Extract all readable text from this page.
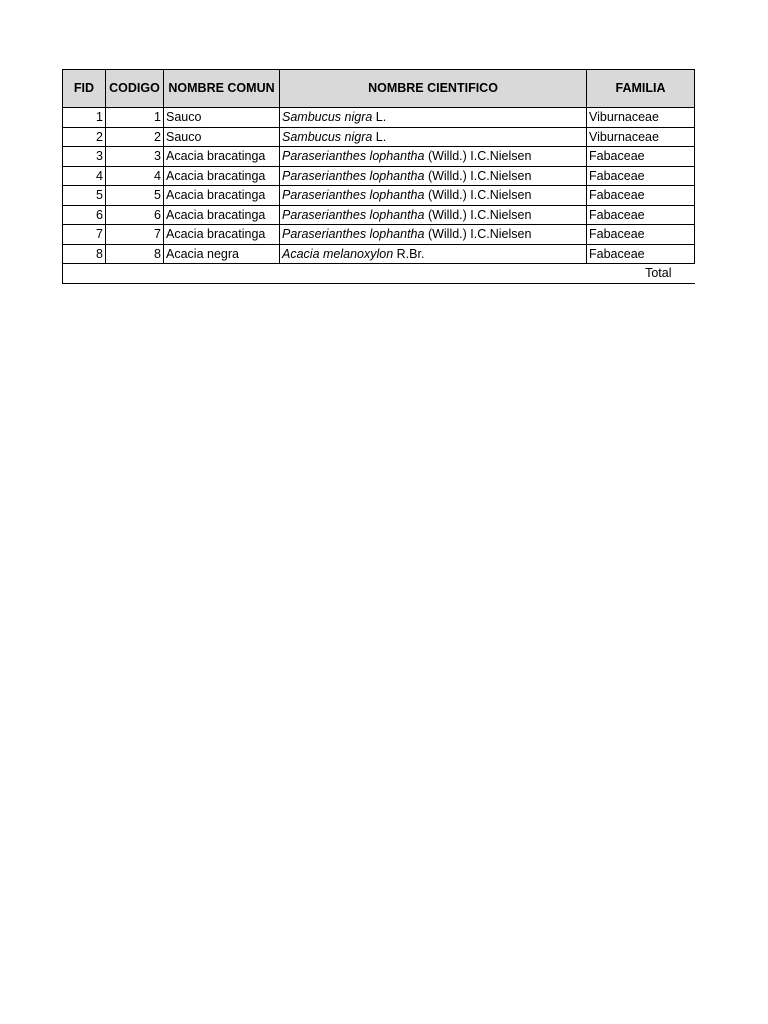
FID	CODIGO	NOMBRE COMUN	NOMBRE CIENTIFICO	FAMILIA
1	1	Sauco	Sambucus nigra L.	Viburnaceae
2	2	Sauco	Sambucus nigra L.	Viburnaceae
3	3	Acacia bracatinga	Paraserianthes lophantha (Willd.) I.C.Nielsen	Fabaceae
4	4	Acacia bracatinga	Paraserianthes lophantha (Willd.) I.C.Nielsen	Fabaceae
5	5	Acacia bracatinga	Paraserianthes lophantha (Willd.) I.C.Nielsen	Fabaceae
6	6	Acacia bracatinga	Paraserianthes lophantha (Willd.) I.C.Nielsen	Fabaceae
7	7	Acacia bracatinga	Paraserianthes lophantha (Willd.) I.C.Nielsen	Fabaceae
8	8	Acacia negra	Acacia melanoxylon R.Br.	Fabaceae
Total				
